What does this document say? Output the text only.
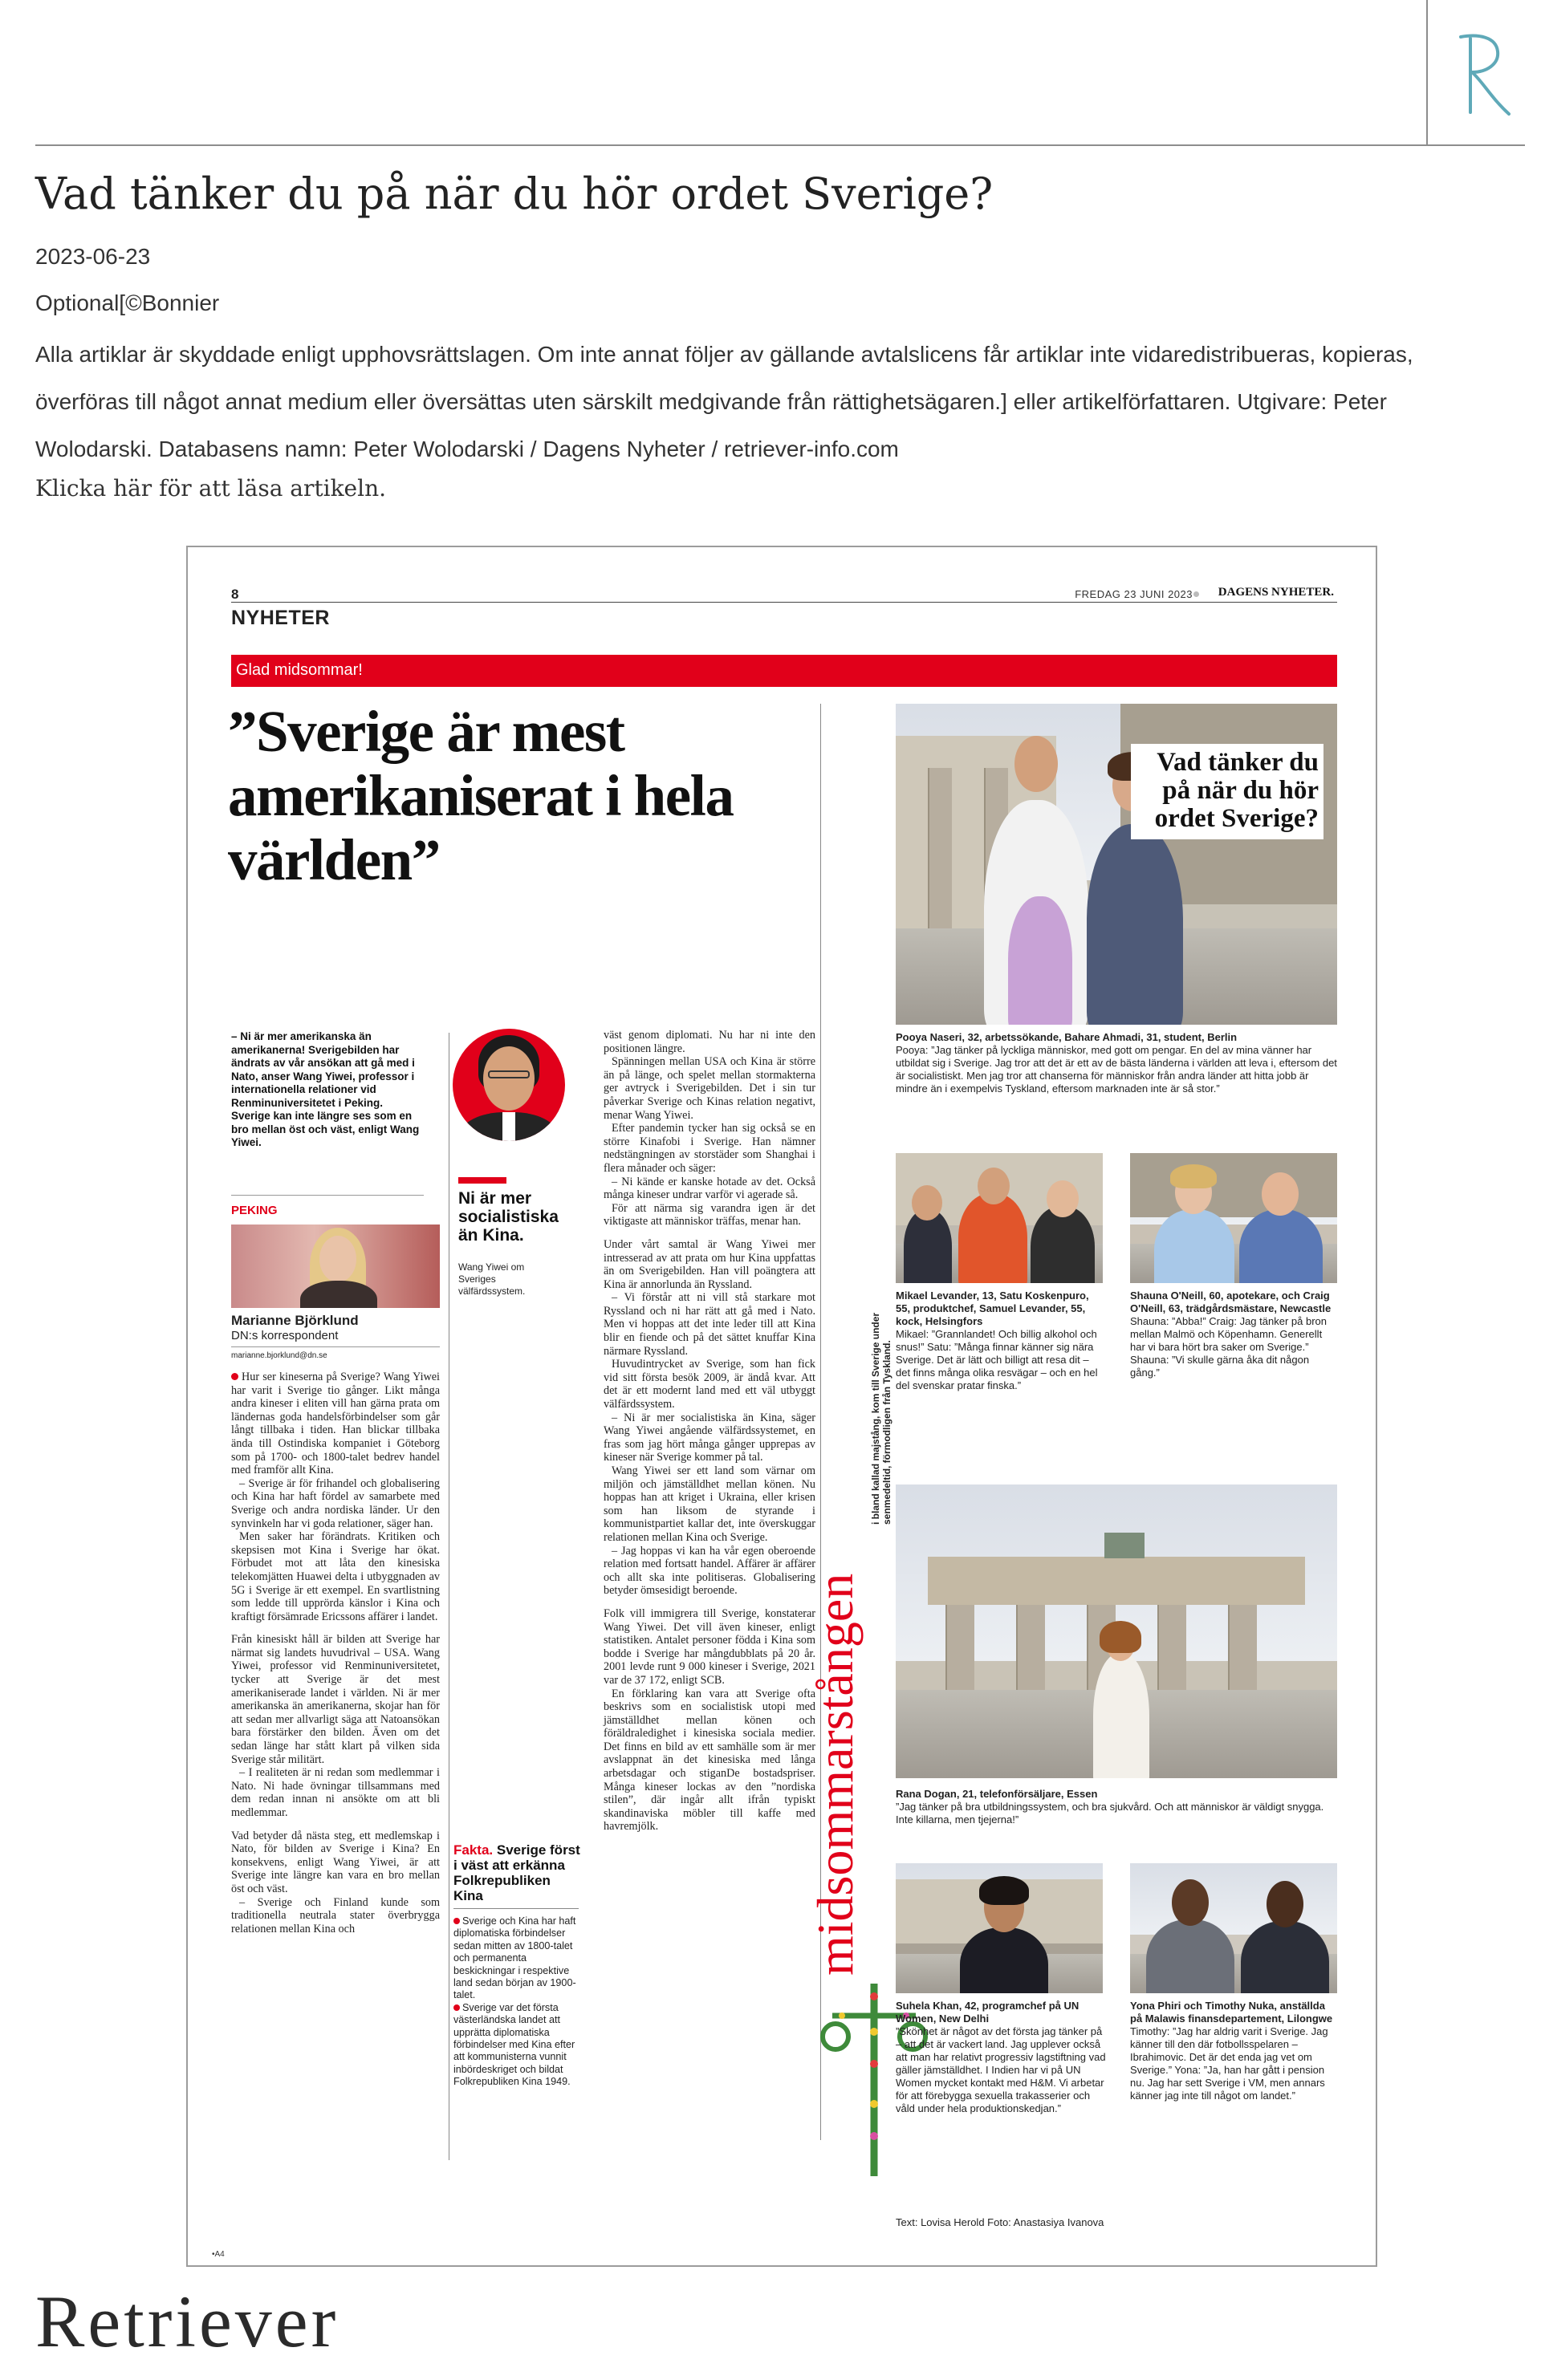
Vad tänker du på när du hör ordet Sverige?
2023-06-23
Optional[©Bonnier
Alla artiklar är skyddade enligt upphovsrättslagen. Om inte annat följer av gällande avtalslicens får artiklar inte vidaredistribueras, kopieras, överföras till något annat medium eller översättas uten särskilt medgivande från rättighetsägaren.] eller artikelförfattaren. Utgivare: Peter Wolodarski. Databasens namn: Peter Wolodarski / Dagens Nyheter / retriever-info.com
Klicka här för att läsa artikeln.
8	FREDAG 23 JUNI 2023 DAGENS NYHETER.
NYHETER
Glad midsommar!
”Sverige är mest amerikaniserat i hela världen”
– Ni är mer amerikanska än amerikanerna! Sverigebilden har ändrats av vår ansökan att gå med i Nato, anser Wang Yiwei, professor i internationella relationer vid Renminuniversitetet i Peking. Sverige kan inte längre ses som en bro mellan öst och väst, enligt Wang Yiwei.
PEKING
Marianne Björklund
DN:s korrespondent
marianne.bjorklund@dn.se

Hur ser kineserna på Sverige? Wang Yiwei har varit i Sverige tio gånger. Likt många andra kineser i eliten vill han gärna prata om ländernas goda handelsförbindelser som går långt tillbaka i tiden. Han blickar tillbaka ända till Ostindiska kompaniet i Göteborg som på 1700- och 1800-talet bedrev handel med framför allt Kina.

– Sverige är för frihandel och globalisering och Kina har haft fördel av samarbete med Sverige och andra nordiska länder. Ur den synvinkeln har vi goda relationer, säger han.

Men saker har förändrats. Kritiken och skepsisen mot Kina i Sverige har ökat. Förbudet mot att låta den kinesiska telekomjätten Huawei delta i utbyggnaden av 5G i Sverige är ett exempel. En svartlistning som ledde till upprörda känslor i Kina och kraftigt försämrade Ericssons affärer i landet.

Från kinesiskt håll är bilden att Sverige har närmat sig landets huvudrival – USA. Wang Yiwei, professor vid Renminuniversitetet, tycker att Sverige är det mest amerikaniserade landet i världen. Ni är mer amerikanska än amerikanerna, skojar han för att sedan mer allvarligt säga att Natoansökan bara förstärker den bilden. Även om det sedan länge har stått klart på vilken sida Sverige står militärt.

– I realiteten är ni redan som medlemmar i Nato. Ni hade övningar tillsammans med dem redan innan ni ansökte om att bli medlemmar.

Vad betyder då nästa steg, ett medlemskap i Nato, för bilden av Sverige i Kina? En konsekvens, enligt Wang Yiwei, är att Sverige inte längre kan vara en bro mellan öst och väst.

– Sverige och Finland kunde som traditionella neutrala stater överbrygga relationen mellan Kina och

Ni är mer socialistiska än Kina.
Wang Yiwei om Sveriges välfärdssystem.
Fakta. Sverige först i väst att erkänna Folkrepubliken Kina

Sverige och Kina har haft diplomatiska förbindelser sedan mitten av 1800-talet och permanenta beskickningar i respektive land sedan början av 1900-talet.

Sverige var det första västerländska landet att upprätta diplomatiska förbindelser med Kina efter att kommunisterna vunnit inbördeskriget och bildat Folkrepubliken Kina 1949.

väst genom diplomati. Nu har ni inte den positionen längre.

Spänningen mellan USA och Kina är större än på länge, och spelet mellan stormakterna ger avtryck i Sverigebilden. Det i sin tur påverkar Sverige och Kinas relation negativt, menar Wang Yiwei.

Efter pandemin tycker han sig också se en större Kinafobi i Sverige. Han nämner nedstängningen av storstäder som Shanghai i flera månader och säger:

– Ni kände er kanske hotade av det. Också många kineser undrar varför vi agerade så.

För att närma sig varandra igen är det viktigaste att människor träffas, menar han.

Under vårt samtal är Wang Yiwei mer intresserad av att prata om hur Kina uppfattas än om Sverigebilden. Han vill poängtera att Kina är annorlunda än Ryssland.

– Vi förstår att ni vill stå starkare mot Ryssland och ni har rätt att gå med i Nato. Men vi hoppas att det inte leder till att Kina blir en fiende och på det sättet knuffar Kina närmare Ryssland.

Huvudintrycket av Sverige, som han fick vid sitt första besök 2009, är ändå kvar. Att det är ett modernt land med ett väl utbyggt välfärdssystem.

– Ni är mer socialistiska än Kina, säger Wang Yiwei angående välfärdssystemet, en fras som jag hört många gånger upprepas av kineser när Sverige kommer på tal.

Wang Yiwei ser ett land som värnar om miljön och jämställdhet mellan könen. Nu hoppas han att kriget i Ukraina, eller krisen som han liksom de styrande i kommunistpartiet kallar det, inte överskuggar relationen mellan Kina och Sverige.

– Jag hoppas vi kan ha vår egen oberoende relation med fortsatt handel. Affärer är affärer och allt ska inte politiseras. Globalisering betyder ömsesidigt beroende.

Folk vill immigrera till Sverige, konstaterar Wang Yiwei. Det vill även kineser, enligt statistiken. Antalet personer födda i Kina som bodde i Sverige har mångdubblats på 20 år. 2001 levde runt 9 000 kineser i Sverige, 2021 var de 37 172, enligt SCB.

En förklaring kan vara att Sverige ofta beskrivs som en socialistisk utopi med jämställdhet mellan könen och föräldraledighet i kinesiska sociala medier. Det finns en bild av ett samhälle som är mer avslappnat än det kinesiska med långa arbetsdagar och stiganDe bostadspriser. Många kineser lockas av den ”nordiska stilen”, där ingår allt ifrån typiskt skandinaviska möbler till kaffe med havremjölk.	midsommarstången
i bland kallad majstång, kom till Sverige under senmedeltid, förmodligen från Tyskland.
Vad tänker du på när du hör ordet Sverige?
Pooya Naseri, 32, arbetssökande, Bahare Ahmadi, 31, student, Berlin
Pooya: ”Jag tänker på lyckliga människor, med gott om pengar. En del av mina vänner har utbildat sig i Sverige. Jag tror att det är ett av de bästa länderna i världen att leva i, eftersom det är socialistiskt. Men jag tror att chanserna för människor från andra länder att hitta jobb är mindre än i exempelvis Tyskland, eftersom marknaden inte är så stor.”
Mikael Levander, 13, Satu Koskenpuro, 55, produktchef, Samuel Levander, 55, kock, Helsingfors
Mikael: ”Grannlandet! Och billig alkohol och snus!” Satu: ”Många finnar känner sig nära Sverige. Det är lätt och billigt att resa dit – det finns många olika resvägar – och en hel del svenskar pratar finska.”
Shauna O'Neill, 60, apotekare, och Craig O'Neill, 63, trädgårdsmästare, Newcastle
Shauna: ”Abba!” Craig: Jag tänker på bron mellan Malmö och Köpenhamn. Generellt har vi bara hört bra saker om Sverige.” Shauna: ”Vi skulle gärna åka dit någon gång.”
Rana Dogan, 21, telefonförsäljare, Essen
”Jag tänker på bra utbildningssystem, och bra sjukvård. Och att människor är väldigt snygga. Inte killarna, men tjejerna!”
Suhela Khan, 42, programchef på UN Women, New Delhi
”Skönhet är något av det första jag tänker på – att det är vackert land. Jag upplever också att man har relativt progressiv lagstiftning vad gäller jämställdhet. I Indien har vi på UN Women mycket kontakt med H&M. Vi arbetar för att förebygga sexuella trakasserier och våld under hela produktionskedjan.”
Yona Phiri och Timothy Nuka, anställda på Malawis finansdepartement, Lilongwe
Timothy: ”Jag har aldrig varit i Sverige. Jag känner till den där fotbollsspelaren – Ibrahimovic. Det är det enda jag vet om Sverige.” Yona: ”Ja, han har gått i pension nu. Jag har sett Sverige i VM, men annars känner jag inte till något om landet.”
Text: Lovisa Herold Foto: Anastasiya Ivanova
•A4
Retriever
